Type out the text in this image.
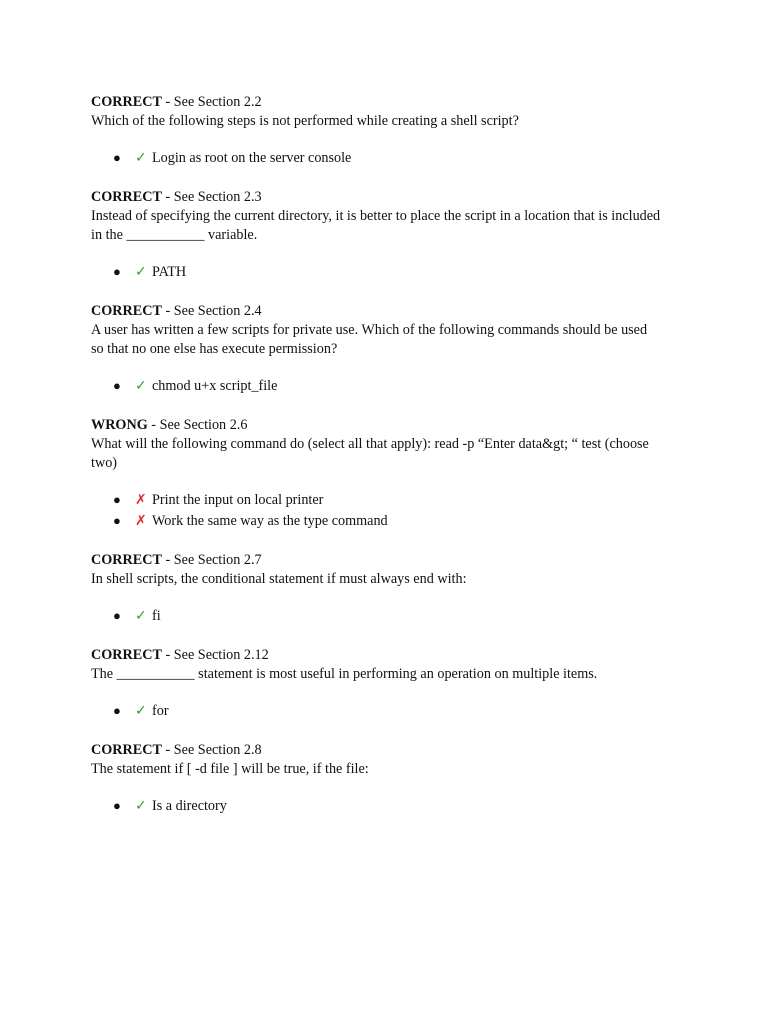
CORRECT - See Section 2.2

Which of the following steps is not performed while creating a shell script?

● ✓ Login as root on the server console

CORRECT - See Section 2.3

Instead of specifying the current directory, it is better to place the script in a location that is included in the ___________ variable.

● ✓ PATH

CORRECT - See Section 2.4

A user has written a few scripts for private use. Which of the following commands should be used so that no one else has execute permission?

● ✓ chmod u+x script_file

WRONG - See Section 2.6

What will the following command do (select all that apply): read -p “Enter data&gt; “ test (choose two)

● ✗ Print the input on local printer
● ✗ Work the same way as the type command

CORRECT - See Section 2.7

In shell scripts, the conditional statement if must always end with:

● ✓ fi

CORRECT - See Section 2.12

The ___________ statement is most useful in performing an operation on multiple items.

● ✓ for

CORRECT - See Section 2.8

The statement if [ -d file ] will be true, if the file:

● ✓ Is a directory
